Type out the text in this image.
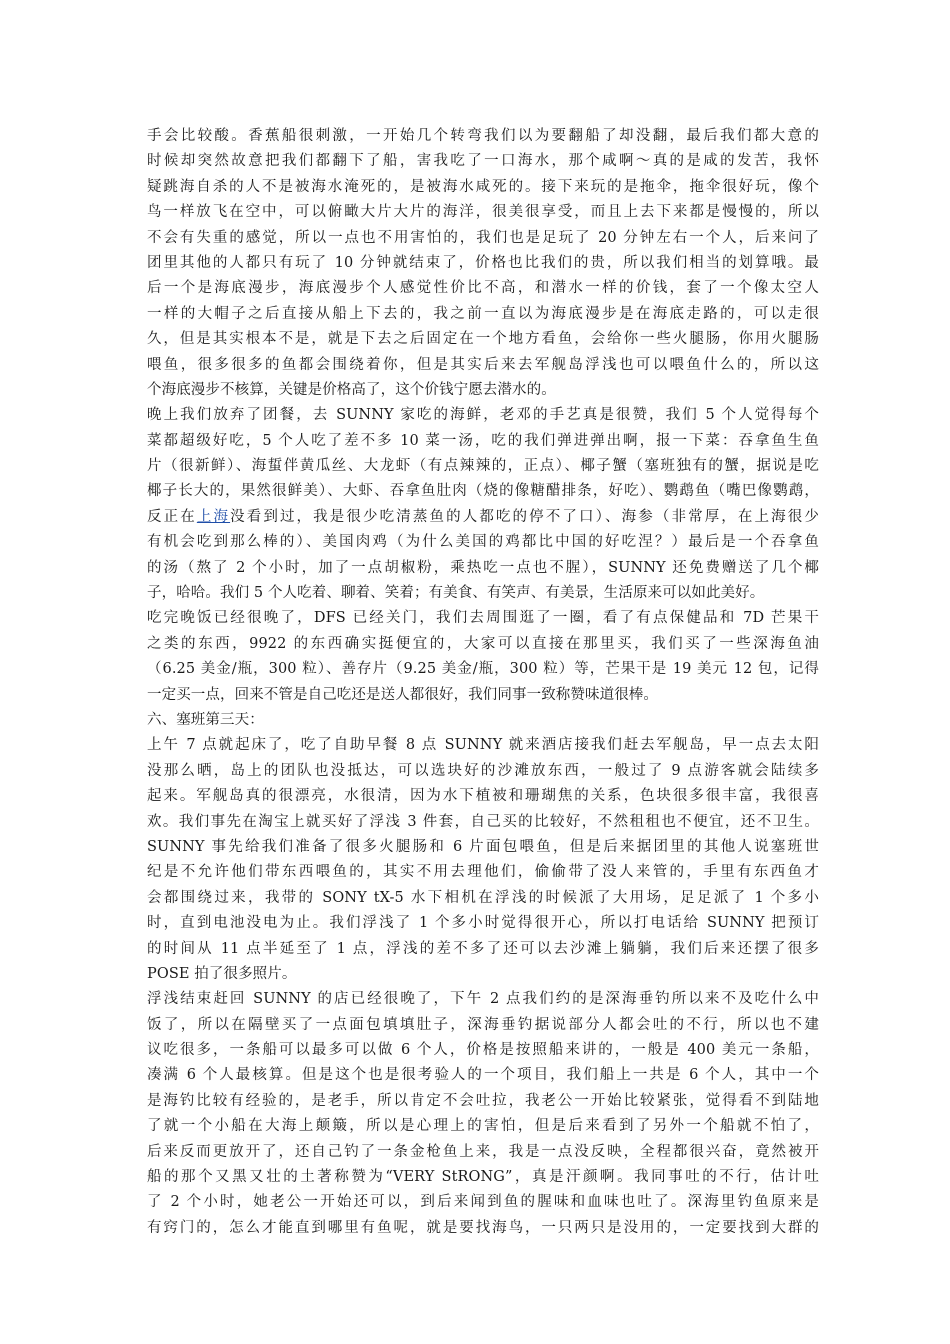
手会比较酸。香蕉船很刺激，一开始几个转弯我们以为要翻船了却没翻，最后我们都大意的
时候却突然故意把我们都翻下了船，害我吃了一口海水，那个咸啊～真的是咸的发苦，我怀
疑跳海自杀的人不是被海水淹死的，是被海水咸死的。接下来玩的是拖伞，拖伞很好玩，像个
鸟一样放飞在空中，可以俯瞰大片大片的海洋，很美很享受，而且上去下来都是慢慢的，所以
不会有失重的感觉，所以一点也不用害怕的，我们也是足玩了 20 分钟左右一个人，后来问了
团里其他的人都只有玩了 10 分钟就结束了，价格也比我们的贵，所以我们相当的划算哦。最
后一个是海底漫步，海底漫步个人感觉性价比不高，和潜水一样的价钱，套了一个像太空人
一样的大帽子之后直接从船上下去的，我之前一直以为海底漫步是在海底走路的，可以走很
久，但是其实根本不是，就是下去之后固定在一个地方看鱼，会给你一些火腿肠，你用火腿肠
喂鱼，很多很多的鱼都会围绕着你，但是其实后来去军舰岛浮浅也可以喂鱼什么的，所以这
个海底漫步不核算，关键是价格高了，这个价钱宁愿去潜水的。
晚上我们放弃了团餐，去 SUNNY 家吃的海鲜，老邓的手艺真是很赞，我们 5 个人觉得每个
菜都超级好吃，5 个人吃了差不多 10 菜一汤，吃的我们弹进弹出啊，报一下菜：吞拿鱼生鱼
片（很新鲜）、海蜇伴黄瓜丝、大龙虾（有点辣辣的，正点）、椰子蟹（塞班独有的蟹，据说是吃
椰子长大的，果然很鲜美）、大虾、吞拿鱼肚肉（烧的像糖醋排条，好吃）、鹦鹉鱼（嘴巴像鹦鹉，
反正在上海没看到过，我是很少吃清蒸鱼的人都吃的停不了口）、海参（非常厚，在上海很少
有机会吃到那么棒的）、美国肉鸡（为什么美国的鸡都比中国的好吃涅？）最后是一个吞拿鱼
的汤（熬了 2 个小时，加了一点胡椒粉，乘热吃一点也不腥），SUNNY 还免费赠送了几个椰
子，哈哈。我们 5 个人吃着、聊着、笑着；有美食、有笑声、有美景，生活原来可以如此美好。
吃完晚饭已经很晚了，DFS 已经关门，我们去周围逛了一圈，看了有点保健品和 7D 芒果干
之类的东西，9922 的东西确实挺便宜的，大家可以直接在那里买，我们买了一些深海鱼油
（6.25 美金/瓶，300 粒）、善存片（9.25 美金/瓶，300 粒）等，芒果干是 19 美元 12 包，记得
一定买一点，回来不管是自己吃还是送人都很好，我们同事一致称赞味道很棒。
六、塞班第三天：
上午 7 点就起床了，吃了自助早餐 8 点 SUNNY 就来酒店接我们赶去军舰岛，早一点去太阳
没那么晒，岛上的团队也没抵达，可以选块好的沙滩放东西，一般过了 9 点游客就会陆续多
起来。军舰岛真的很漂亮，水很清，因为水下植被和珊瑚焦的关系，色块很多很丰富，我很喜
欢。我们事先在淘宝上就买好了浮浅 3 件套，自己买的比较好，不然租租也不便宜，还不卫生。
SUNNY 事先给我们准备了很多火腿肠和 6 片面包喂鱼，但是后来据团里的其他人说塞班世
纪是不允许他们带东西喂鱼的，其实不用去理他们，偷偷带了没人来管的，手里有东西鱼才
会都围绕过来，我带的 SONY tX-5 水下相机在浮浅的时候派了大用场，足足派了 1 个多小
时，直到电池没电为止。我们浮浅了 1 个多小时觉得很开心，所以打电话给 SUNNY 把预订
的时间从 11 点半延至了 1 点，浮浅的差不多了还可以去沙滩上躺躺，我们后来还摆了很多
POSE 拍了很多照片。
浮浅结束赶回 SUNNY 的店已经很晚了，下午 2 点我们约的是深海垂钓所以来不及吃什么中
饭了，所以在隔壁买了一点面包填填肚子，深海垂钓据说部分人都会吐的不行，所以也不建
议吃很多，一条船可以最多可以做 6 个人，价格是按照船来讲的，一般是 400 美元一条船，
凑满 6 个人最核算。但是这个也是很考验人的一个项目，我们船上一共是 6 个人，其中一个
是海钓比较有经验的，是老手，所以肯定不会吐拉，我老公一开始比较紧张，觉得看不到陆地
了就一个小船在大海上颠簸，所以是心理上的害怕，但是后来看到了另外一个船就不怕了，
后来反而更放开了，还自己钓了一条金枪鱼上来，我是一点没反映，全程都很兴奋，竟然被开
船的那个又黑又壮的土著称赞为“VERY StRONG”，真是汗颜啊。我同事吐的不行，估计吐
了 2 个小时，她老公一开始还可以，到后来闻到鱼的腥味和血味也吐了。深海里钓鱼原来是
有窍门的，怎么才能直到哪里有鱼呢，就是要找海鸟，一只两只是没用的，一定要找到大群的
